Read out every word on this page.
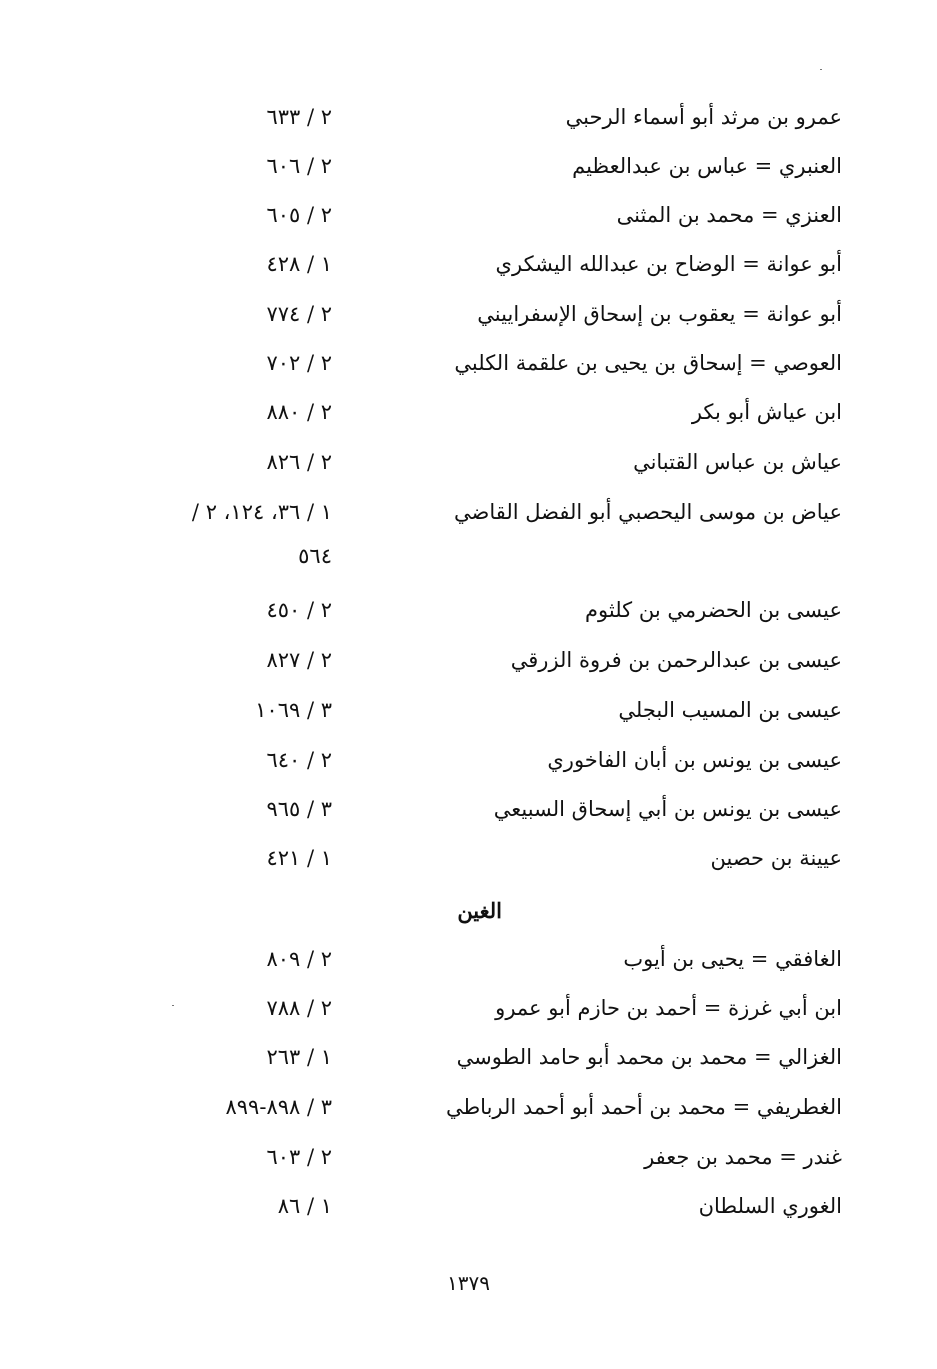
عمرو بن مرثد أبو أسماء الرحبي
٢ / ٦٣٣
العنبري = عباس بن عبدالعظيم
٢ / ٦٠٦
العنزي = محمد بن المثنى
٢ / ٦٠٥
أبو عوانة = الوضاح بن عبدالله اليشكري
١ / ٤٢٨
أبو عوانة = يعقوب بن إسحاق الإسفراييني
٢ / ٧٧٤
العوصي = إسحاق بن يحيى بن علقمة الكلبي
٢ / ٧٠٢
ابن عياش أبو بكر
٢ / ٨٨٠
عياش بن عباس القتباني
٢ / ٨٢٦
عياض بن موسى اليحصبي أبو الفضل القاضي
١ / ٣٦، ١٢٤، ٢ /
٥٦٤
عيسى بن الحضرمي بن كلثوم
٢ / ٤٥٠
عيسى بن عبدالرحمن بن فروة الزرقي
٢ / ٨٢٧
عيسى بن المسيب البجلي
٣ / ١٠٦٩
عيسى بن يونس بن أبان الفاخوري
٢ / ٦٤٠
عيسى بن يونس بن أبي إسحاق السبيعي
٣ / ٩٦٥
عيينة بن حصين
١ / ٤٢١
الغين
الغافقي = يحيى بن أيوب
٢ / ٨٠٩
ابن أبي غرزة = أحمد بن حازم أبو عمرو
٢ / ٧٨٨
الغزالي = محمد بن محمد أبو حامد الطوسي
١ / ٢٦٣
الغطريفي = محمد بن أحمد أبو أحمد الرباطي
٣ / ٨٩٨-٨٩٩
غندر = محمد بن جعفر
٢ / ٦٠٣
الغوري السلطان
١ / ٨٦
١٣٧٩
